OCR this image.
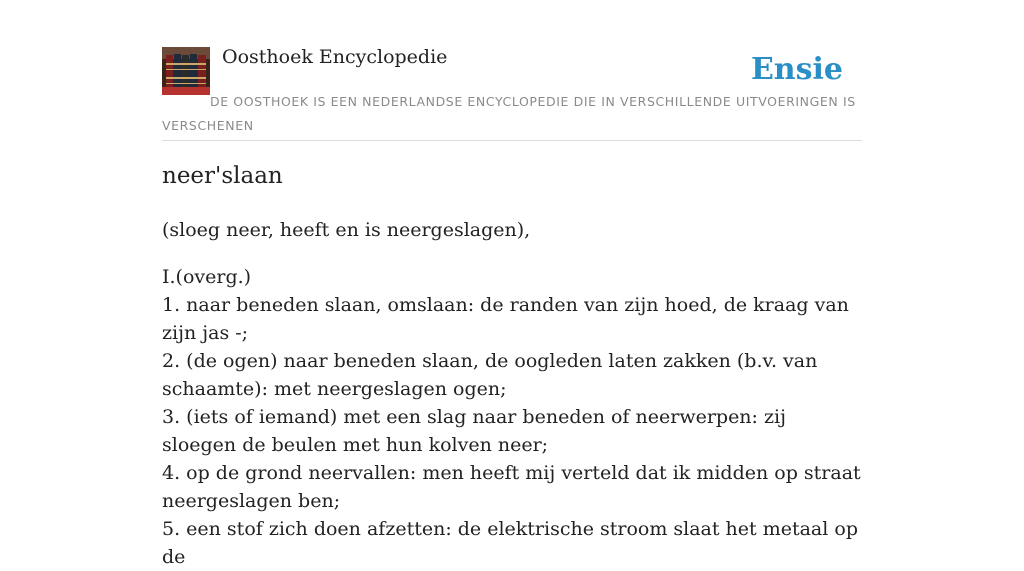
Oosthoek Encyclopedie	Ensie
DE OOSTHOEK IS EEN NEDERLANDSE ENCYCLOPEDIE DIE IN VERSCHILLENDE UITVOERINGEN IS VERSCHENEN
neer'slaan
(sloeg neer, heeft en is neergeslagen),
I.(overg.)
1. naar beneden slaan, omslaan: de randen van zijn hoed, de kraag van zijn jas -;
2. (de ogen) naar beneden slaan, de oogleden laten zakken (b.v. van schaamte): met neergeslagen ogen;
3. (iets of iemand) met een slag naar beneden of neerwerpen: zij sloegen de beulen met hun kolven neer;
4. op de grond neervallen: men heeft mij verteld dat ik midden op straat neergeslagen ben;
5. een stof zich doen afzetten: de elektrische stroom slaat het metaal op de
